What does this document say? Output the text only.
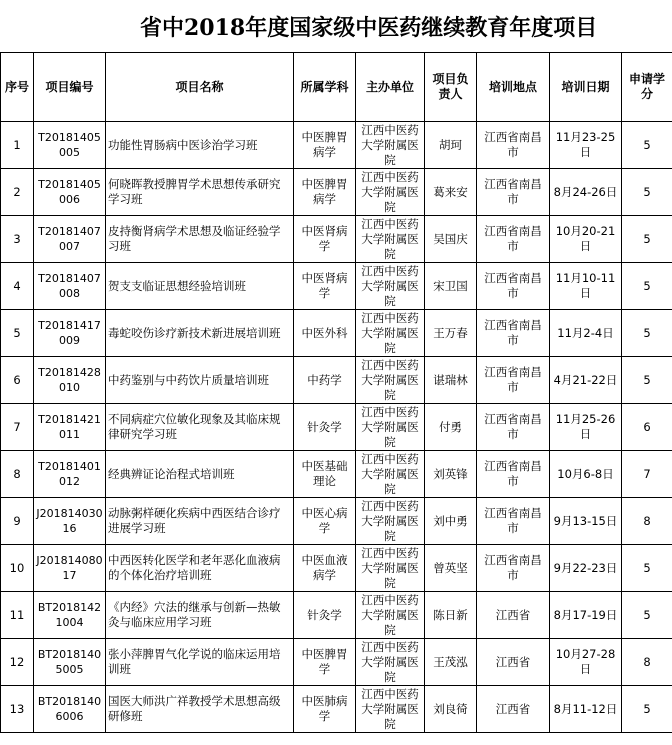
省中2018年度国家级中医药继续教育年度项目
序号	项目编号	项目名称	所属学科	主办单位	项目负责人	培训地点	培训日期	申请学分
1	T20181405005	功能性胃肠病中医诊治学习班	中医脾胃病学	江西中医药大学附属医院	胡珂	江西省南昌市	11月23-25日	5
2	T20181405006	何晓晖教授脾胃学术思想传承研究学习班	中医脾胃病学	江西中医药大学附属医院	葛来安	江西省南昌市	8月24-26日	5
3	T20181407007	皮持衡肾病学术思想及临证经验学习班	中医肾病学	江西中医药大学附属医院	吴国庆	江西省南昌市	10月20-21日	5
4	T20181407008	贺支支临证思想经验培训班	中医肾病学	江西中医药大学附属医院	宋卫国	江西省南昌市	11月10-11日	5
5	T20181417009	毒蛇咬伤诊疗新技术新进展培训班	中医外科	江西中医药大学附属医院	王万春	江西省南昌市	11月2-4日	5
6	T20181428010	中药鉴别与中药饮片质量培训班	中药学	江西中医药大学附属医院	谌瑞林	江西省南昌市	4月21-22日	5
7	T20181421011	不同病症穴位敏化现象及其临床规律研究学习班	针灸学	江西中医药大学附属医院	付勇	江西省南昌市	11月25-26日	6
8	T20181401012	经典辨证论治程式培训班	中医基础理论	江西中医药大学附属医院	刘英锋	江西省南昌市	10月6-8日	7
9	J20181403016	动脉粥样硬化疾病中西医结合诊疗进展学习班	中医心病学	江西中医药大学附属医院	刘中勇	江西省南昌市	9月13-15日	8
10	J20181408017	中西医转化医学和老年恶化血液病的个体化治疗培训班	中医血液病学	江西中医药大学附属医院	曾英坚	江西省南昌市	9月22-23日	5
11	BT20181421004	《内经》穴法的继承与创新—热敏灸与临床应用学习班	针灸学	江西中医药大学附属医院	陈日新	江西省	8月17-19日	5
12	BT20181405005	张小萍脾胃气化学说的临床运用培训班	中医脾胃学	江西中医药大学附属医院	王茂泓	江西省	10月27-28日	8
13	BT20181406006	国医大师洪广祥教授学术思想高级研修班	中医肺病学	江西中医药大学附属医院	刘良徛	江西省	8月11-12日	5
